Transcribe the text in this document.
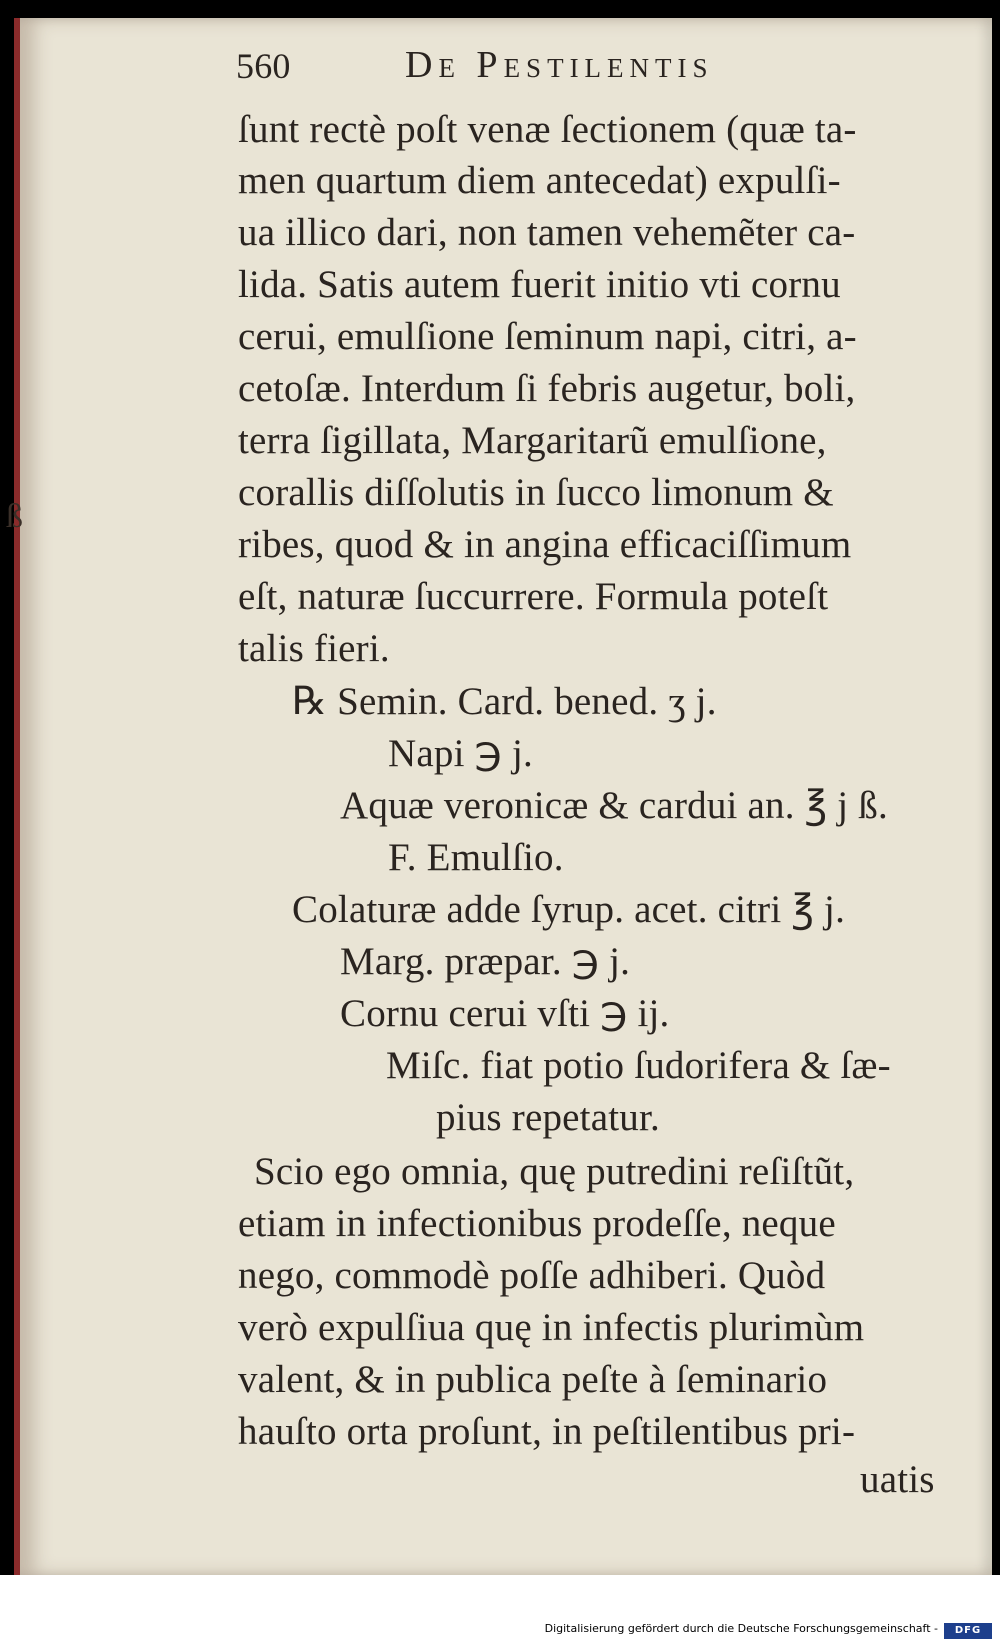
ß
560	De Pestilentis
ſunt rectè poſt venæ ſectionem (quæ ta-
men quartum diem antecedat) expulſi-
ua illico dari, non tamen vehemẽter ca-
lida. Satis autem fuerit initio vti cornu
cerui, emulſione ſeminum napi, citri, a-
cetoſæ. Interdum ſi febris augetur, boli,
terra ſigillata, Margaritarũ emulſione,
corallis diſſolutis in ſucco limonum &
ribes, quod & in angina efficaciſſimum
eſt, naturæ ſuccurrere. Formula poteſt
talis fieri.
℞ Semin. Card. bened. ʒ j.
Napi ℈ j.
Aquæ veronicæ & cardui an. ℥ j ß.
F. Emulſio.
Colaturæ adde ſyrup. acet. citri ℥ j.
Marg. præpar. ℈ j.
Cornu cerui vſti ℈ ij.
Miſc. fiat potio ſudorifera & ſæ-
pius repetatur.
Scio ego omnia, quę putredini reſiſtũt,
etiam in infectionibus prodeſſe, neque
nego, commodè poſſe adhiberi. Quòd
verò expulſiua quę in infectis plurimùm
valent, & in publica peſte à ſeminario
hauſto orta proſunt, in peſtilentibus pri-
uatis
Digitalisierung gefördert durch die Deutsche Forschungsgemeinschaft -	DFG
